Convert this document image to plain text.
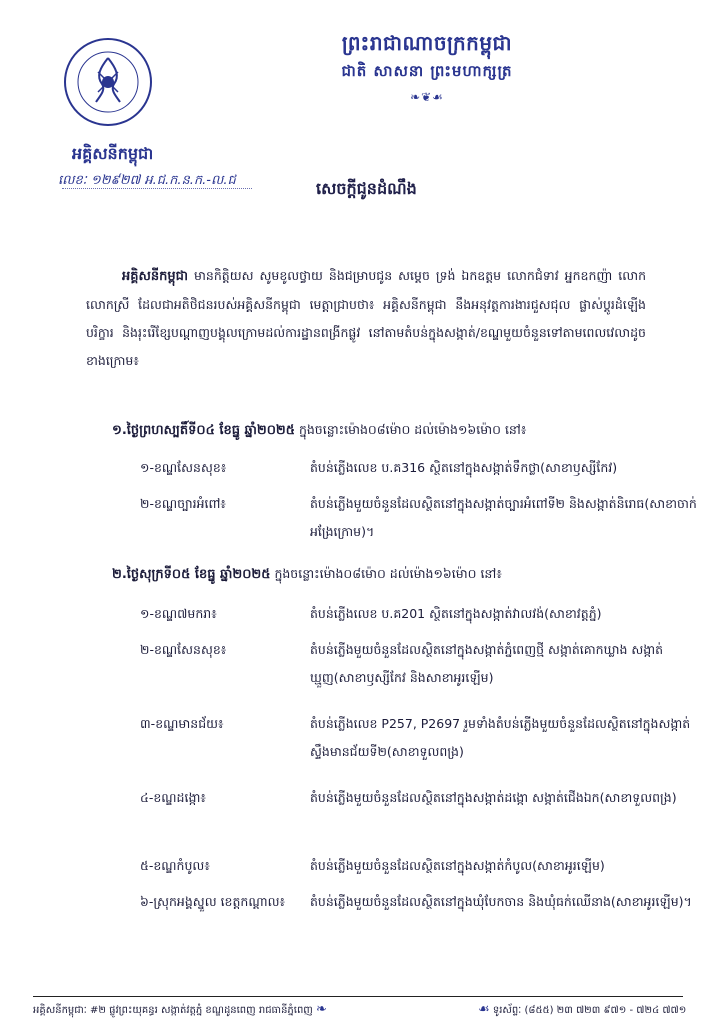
ព្រះរាជាណាចក្រកម្ពុជា
ជាតិ សាសនា ព្រះមហាក្សត្រ
❧❦☙
អគ្គិសនីកម្ពុជា
លេខៈ ១២៩២៧ អ.ជ.ក.ន.ក.-ល.ជ	សេចក្តីជូនដំណឹង
អគ្គិសនីកម្ពុជា មានកិត្តិយស សូមខូលថ្វាយ និងជម្រាបជូន សម្តេច ទ្រង់ ឯកឧត្តម លោកជំទាវ អ្នកឧកញ៉ា លោក លោកស្រី ដែលជាអតិថិជនរបស់អគ្គិសនីកម្ពុជា មេត្តាជ្រាបថា៖ អគ្គិសនីកម្ពុជា នឹងអនុវត្តការងារជួសជុល ផ្លាស់ប្តូរដំឡើងបរិក្ខារ និងរុះរើខ្សែបណ្តាញបង្គុលក្រោមដល់ការដ្ឋានពង្រីកផ្លូវ នៅតាមតំបន់ក្នុងសង្កាត់/ខណ្ឌមួយចំនួនទៅតាមពេលវេលាដូចខាងក្រោម៖
១.ថ្ងៃព្រហស្បតិ៍ទី០៤ ខែធ្នូ ឆ្នាំ២០២៥ ក្នុងចន្លោះម៉ោង០៨ម៉ោ០ ដល់ម៉ោង១៦ម៉ោ០ នៅ៖
១-ខណ្ឌសែនសុខ៖	តំបន់ភ្លើងលេខ ប.គ316 ស្ថិតនៅក្នុងសង្កាត់ទឹកថ្លា(សាខាឫស្សីកែវ)
២-ខណ្ឌច្បារអំពៅ៖	តំបន់ភ្លើងមួយចំនួនដែលស្ថិតនៅក្នុងសង្កាត់ច្បារអំពៅទី២ និងសង្កាត់និរោធ(សាខាចាក់អង្រែក្រោម)។
២.ថ្ងៃសុក្រទី០៥ ខែធ្នូ ឆ្នាំ២០២៥ ក្នុងចន្លោះម៉ោង០៨ម៉ោ០ ដល់ម៉ោង១៦ម៉ោ០ នៅ៖
១-ខណ្ឌ៧មករា៖	តំបន់ភ្លើងលេខ ប.គ201 ស្ថិតនៅក្នុងសង្កាត់វាលវង់(សាខាវត្តភ្នំ)
២-ខណ្ឌសែនសុខ៖	តំបន់ភ្លើងមួយចំនួនដែលស្ថិតនៅក្នុងសង្កាត់ភ្នំពេញថ្មី សង្កាត់គោកឃ្លាង សង្កាត់ឃ្មួញ(សាខាឫស្សីកែវ និងសាខាអូរឡើម)
៣-ខណ្ឌមានជ័យ៖	តំបន់ភ្លើងលេខ P257, P2697 រួមទាំងតំបន់ភ្លើងមួយចំនួនដែលស្ថិតនៅក្នុងសង្កាត់ស្ទឹងមានជ័យទី២(សាខាទួលពង្រ)
៤-ខណ្ឌដង្កោ៖	តំបន់ភ្លើងមួយចំនួនដែលស្ថិតនៅក្នុងសង្កាត់ដង្កោ សង្កាត់ជើងឯក(សាខាទួលពង្រ)
៥-ខណ្ឌកំបូល៖	តំបន់ភ្លើងមួយចំនួនដែលស្ថិតនៅក្នុងសង្កាត់កំបូល(សាខាអូរឡើម)
៦-ស្រុកអង្គស្នួល ខេត្តកណ្តាល៖ តំបន់ភ្លើងមួយចំនួនដែលស្ថិតនៅក្នុងឃុំបែកចាន និងឃុំធក់ឈើនាង(សាខាអូរឡើម)។
អគ្គិសនីកម្ពុជាៈ #២ ផ្លូវព្រះយុគន្ធរ សង្កាត់វត្តភ្នំ ខណ្ឌដូនពេញ រាជធានីភ្នំពេញ ❧	☙ ទូរស័ព្ទៈ (៨៥៥) ២៣ ៧២៣ ៩៧១ - ៧២៤ ៧៧១
